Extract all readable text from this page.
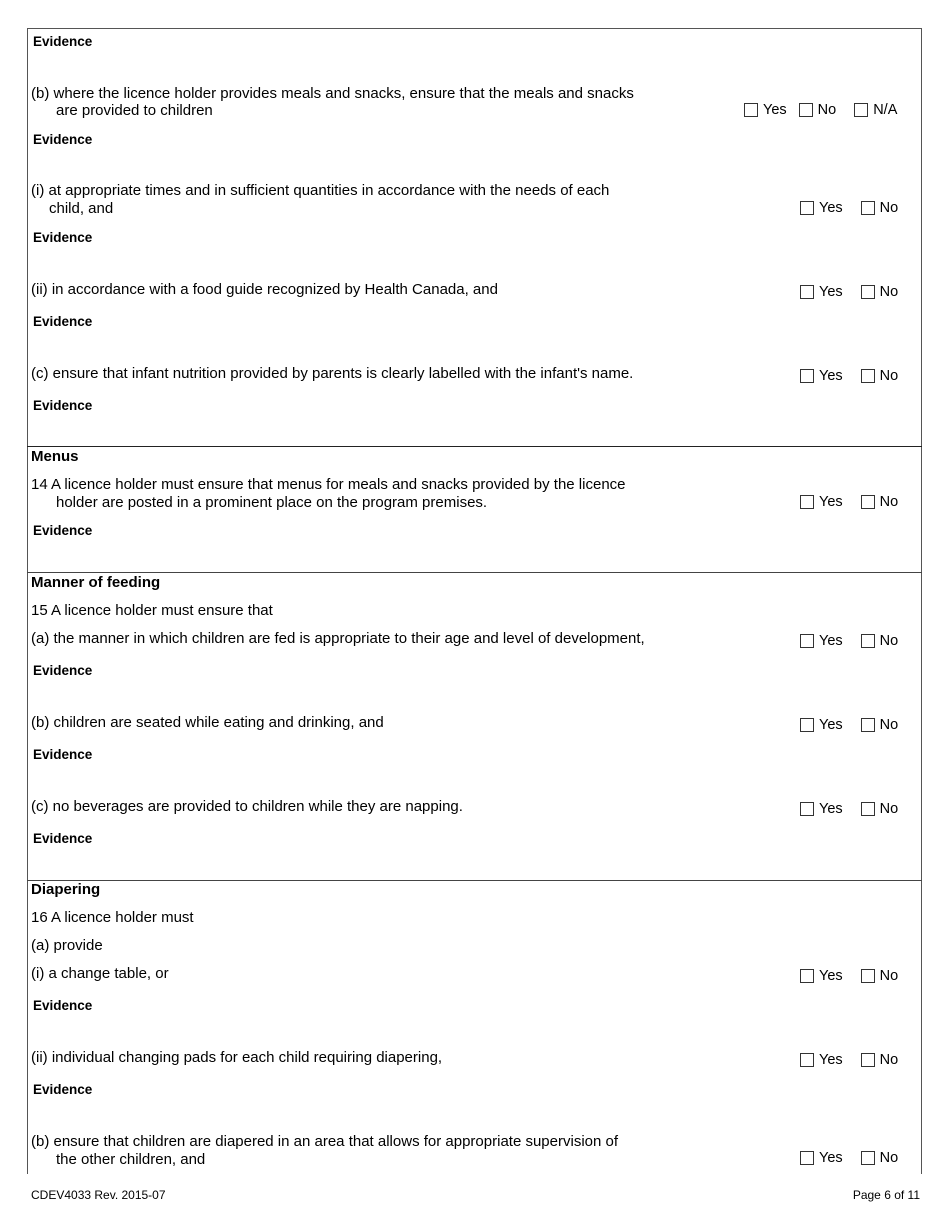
Evidence
(b) where the licence holder provides meals and snacks, ensure that the meals and snacks
are provided to children	Yes No	N/A
Evidence
(i) at appropriate times and in sufficient quantities in accordance with the needs of each
child, and	Yes	No
Evidence
(ii) in accordance with a food guide recognized by Health Canada, and	Yes	No
Evidence
(c) ensure that infant nutrition provided by parents is clearly labelled with the infant's name.	Yes	No
Evidence
Menus
14 A licence holder must ensure that menus for meals and snacks provided by the licence
holder are posted in a prominent place on the program premises.	Yes	No
Evidence
Manner of feeding
15 A licence holder must ensure that
(a) the manner in which children are fed is appropriate to their age and level of development,	Yes	No
Evidence
(b) children are seated while eating and drinking, and	Yes	No
Evidence
(c) no beverages are provided to children while they are napping.	Yes	No
Evidence
Diapering
16 A licence holder must
(a) provide
(i) a change table, or	Yes	No
Evidence
(ii) individual changing pads for each child requiring diapering,	Yes	No
Evidence
(b) ensure that children are diapered in an area that allows for appropriate supervision of
the other children, and	Yes	No
CDEV4033 Rev. 2015-07	Page 6 of 11
